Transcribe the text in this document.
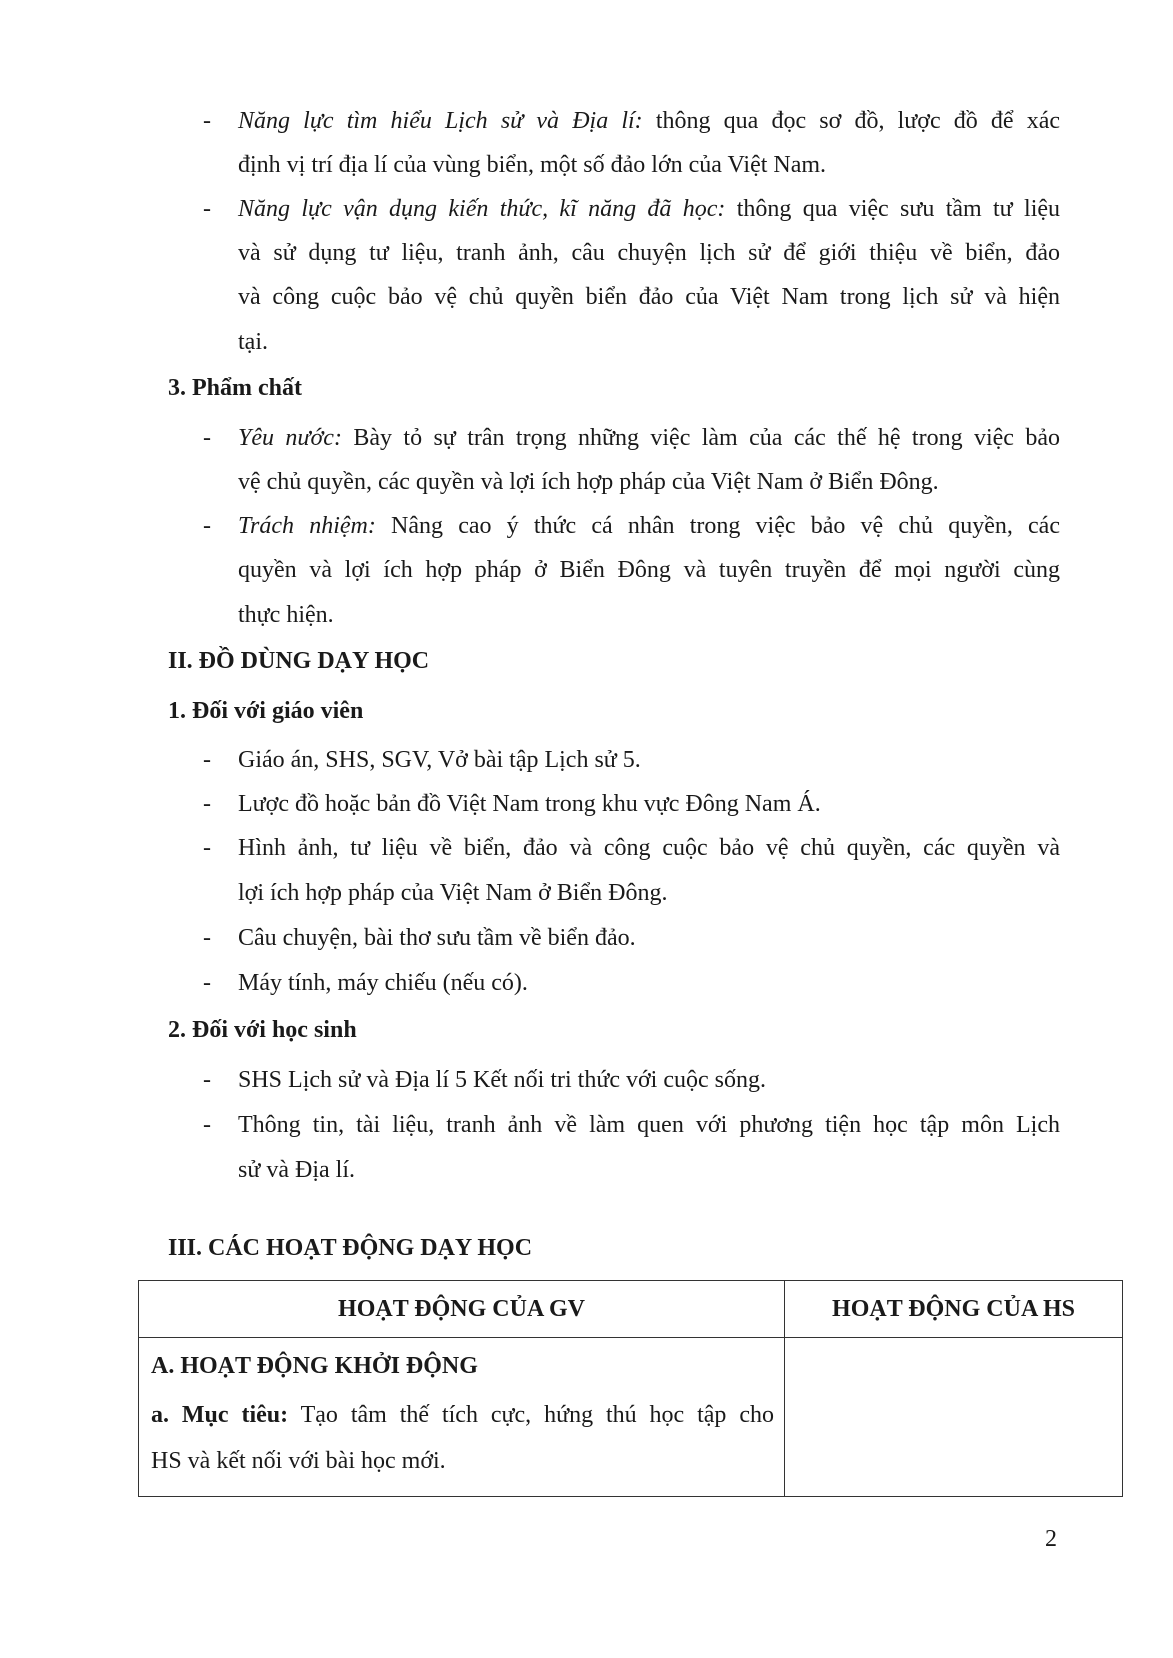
- Năng lực tìm hiểu Lịch sử và Địa lí: thông qua đọc sơ đồ, lược đồ để xác
định vị trí địa lí của vùng biển, một số đảo lớn của Việt Nam.
- Năng lực vận dụng kiến thức, kĩ năng đã học: thông qua việc sưu tầm tư liệu
và sử dụng tư liệu, tranh ảnh, câu chuyện lịch sử để giới thiệu về biển, đảo
và công cuộc bảo vệ chủ quyền biển đảo của Việt Nam trong lịch sử và hiện
tại.
3. Phẩm chất
- Yêu nước: Bày tỏ sự trân trọng những việc làm của các thế hệ trong việc bảo
vệ chủ quyền, các quyền và lợi ích hợp pháp của Việt Nam ở Biển Đông.
- Trách nhiệm: Nâng cao ý thức cá nhân trong việc bảo vệ chủ quyền, các
quyền và lợi ích hợp pháp ở Biển Đông và tuyên truyền để mọi người cùng
thực hiện.
II. ĐỒ DÙNG DẠY HỌC
1. Đối với giáo viên
- Giáo án, SHS, SGV, Vở bài tập Lịch sử 5.
- Lược đồ hoặc bản đồ Việt Nam trong khu vực Đông Nam Á.
- Hình ảnh, tư liệu về biển, đảo và công cuộc bảo vệ chủ quyền, các quyền và
lợi ích hợp pháp của Việt Nam ở Biển Đông.
- Câu chuyện, bài thơ sưu tầm về biển đảo.
- Máy tính, máy chiếu (nếu có).
2. Đối với học sinh
- SHS Lịch sử và Địa lí 5 Kết nối tri thức với cuộc sống.
- Thông tin, tài liệu, tranh ảnh về làm quen với phương tiện học tập môn Lịch
sử và Địa lí.
III. CÁC HOẠT ĐỘNG DẠY HỌC
HOẠT ĐỘNG CỦA GV	HOẠT ĐỘNG CỦA HS

A. HOẠT ĐỘNG KHỞI ĐỘNG

a. Mục tiêu: Tạo tâm thế tích cực, hứng thú học tập cho

HS và kết nối với bài học mới.	

2
